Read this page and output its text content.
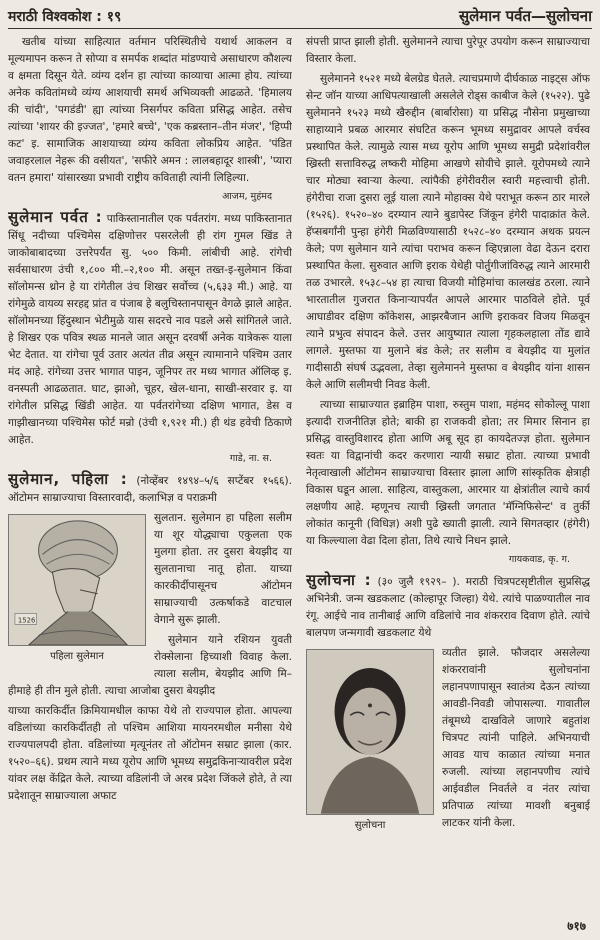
मराठी विश्वकोश : १९	सुलेमान पर्वत—सुलोचना

खतीब यांच्या साहित्यात वर्तमान परिस्थितीचे यथार्थ आकलन व मूल्यमापन करून ते सोप्या व समर्पक शब्दांत मांडण्याचे असाधारण कौशल्य व क्षमता दिसून येते. व्यंग्य दर्शन हा त्यांच्या काव्याचा आत्मा होय. त्यांच्या अनेक कवितांमध्ये व्यंग्य आशयाची समर्थ अभिव्यक्ती आढळते. 'हिमालय की चांदी', 'पगडंडी' ह्या त्यांच्या निसर्गपर कविता प्रसिद्ध आहेत. तसेच त्यांच्या 'शायर की इज्जत', 'हमारे बच्चे', 'एक कब्रस्तान–तीन मंजर', 'हिप्पी कट' इ. सामाजिक आशयाच्या व्यंग्य कविता लोकप्रिय आहेत. 'पंडित जवाहरलाल नेहरू की वसीयत', 'सफीरे अमन : लालबहादूर शास्त्री', 'प्यारा वतन हमारा' यांसारख्या प्रभावी राष्ट्रीय कविताही त्यांनी लिहिल्या.

आजम, मुहंमद

सुलेमान पर्वत : पाकिस्तानातील एक पर्वतरांग. मध्य पाकिस्तानात सिंधू नदीच्या पश्चिमेस दक्षिणोत्तर पसरलेली ही रांग गुमल खिंड ते जाकोबाबादच्या उत्तरेपर्यंत सु. ५०० किमी. लांबीची आहे. रांगेची सर्वसाधारण उंची १,८०० मी.–२,१०० मी. असून तख्त-इ-सुलेमान किंवा सॉलोमन्स थ्रोन हे या रांगेतील उंच शिखर सर्वोच्च (५,६३३ मी.) आहे. या रांगेमुळे वायव्य सरहद्द प्रांत व पंजाब हे बलुचिस्तानपासून वेगळे झाले आहेत. सॉलोमनच्या हिंदुस्थान भेटीमुळे यास सदरचे नाव पडले असे सांगितले जाते. हे शिखर एक पवित्र स्थळ मानले जात असून दरवर्षी अनेक यात्रेकरू याला भेट देतात. या रांगेचा पूर्व उतार अत्यंत तीव्र असून त्यामानाने पश्चिम उतार मंद आहे. रांगेच्या उत्तर भागात पाइन, जूनिपर तर मध्य भागात ऑलिव्ह इ. वनस्पती आढळतात. घाट, झाओ, चूहर, खेल-धाना, साखी-सरवार इ. या रांगेतील प्रसिद्ध खिंडी आहेत. या पर्वतरांगेच्या दक्षिण भागात, डेस व गाझीखानच्या पश्चिमेस फोर्ट मन्रो (उंची १,९२१ मी.) ही थंड हवेची ठिकाणे आहेत.

गाडे, ना. स.

सुलेमान, पहिला : (नोव्हेंबर १४९४–५/६ सप्टेंबर १५६६). ऑटोमन साम्राज्याचा विस्तारवादी, कलाभिज्ञ व पराक्रमी

1526
पहिला सुलेमान

सुलतान. सुलेमान हा पहिला सलीम या शूर योद्ध्याचा एकुलता एक मुलगा होता. तर दुसरा बेयझीद या सुलतानाचा नातू होता. याच्या कारकीर्दीपासूनच ऑटोमन साम्राज्याची उत्कर्षाकडे वाटचाल वेगाने सुरू झाली.

सुलेमान याने रशियन युवती रोक्सेलाना हिच्याशी विवाह केला. त्याला सलीम, बेयझीद आणि मि–हीमाहे ही तीन मुले होती. त्याचा आजोबा दुसरा बेयझीद

याच्या कारकिर्दीत क्रिमियामधील काफा येथे तो राज्यपाल होता. आपल्या वडिलांच्या कारकिर्दीतही तो पश्चिम आशिया मायनरमधील मनीसा येथे राज्यपालपदी होता. वडिलांच्या मृत्यूनंतर तो ऑटोमन सम्राट झाला (कार. १५२०–६६). प्रथम त्याने मध्य यूरोप आणि भूमध्य समुद्रकिनाऱ्यावरील प्रदेश यांवर लक्ष केंद्रित केले. त्याच्या वडिलांनी जे अरब प्रदेश जिंकले होते, ते त्या प्रदेशातून साम्राज्याला अफाट

संपत्ती प्राप्त झाली होती. सुलेमानने त्याचा पुरेपूर उपयोग करून साम्राज्याचा विस्तार केला.

सुलेमानने १५२१ मध्ये बेलग्रेड घेतले. त्याचप्रमाणे दीर्घकाळ नाइट्स ऑफ सेन्ट जॉन याच्या आधिपत्याखाली असलेले रोड्स काबीज केले (१५२२). पुढे सुलेमानने १५२३ मध्ये खैरुद्दीन (बार्बारोसा) या प्रसिद्ध नौसेना प्रमुखाच्या साहाय्याने प्रबळ आरमार संघटित करून भूमध्य समुद्रावर आपले वर्चस्व प्रस्थापित केले. त्यामुळे त्यास मध्य यूरोप आणि भूमध्य समुद्री प्रदेशांवरील ख्रिस्ती सत्ताविरुद्ध लष्करी मोहिमा आखणे सोयीचे झाले. यूरोपमध्ये त्याने चार मोठ्या स्वाऱ्या केल्या. त्यांपैकी हंगेरीवरील स्वारी महत्त्वाची होती. हंगेरीचा राजा दुसरा लूई याला त्याने मोहाक्स येथे पराभूत करून ठार मारले (१५२६). १५२०–४० दरम्यान त्याने बुडापेस्ट जिंकून हंगेरी पादाक्रांत केले. हॅप्सबर्गांनी पुन्हा हंगेरी मिळविण्यासाठी १५२८–४० दरम्यान अथक प्रयत्न केले; पण सुलेमान याने त्यांचा पराभव करून व्हिएन्नाला वेढा देऊन दरारा प्रस्थापित केला. सुरुवात आणि इराक येथेही पोर्तुगीजांविरुद्ध त्याने आरमारी तळ उभारले. १५३८–५४ हा त्याचा विजयी मोहिमांचा कालखंड ठरला. त्याने भारतातील गुजरात किनाऱ्यापर्यंत आपले आरमार पाठविले होते. पूर्व आघाडीवर दक्षिण कॉकेशस, आझरबैजान आणि इराकवर विजय मिळवून त्याने प्रभुत्व संपादन केले. उत्तर आयुष्यात त्याला गृहकलहाला तोंड द्यावे लागले. मुस्तफा या मुलाने बंड केले; तर सलीम व बेयझीद या मुलांत गादीसाठी संघर्ष उद्भवला, तेव्हा सुलेमानने मुस्तफा व बेयझीद यांना शासन केले आणि सलीमची निवड केली.

त्याच्या साम्राज्यात इब्राहिम पाशा, रुस्तुम पाशा, महंमद सोकोल्लू पाशा इत्यादी राजनीतिज्ञ होते; बाकी हा राजकवी होता; तर मिमार सिनान हा प्रसिद्ध वास्तुविशारद होता आणि अबू सूद हा कायदेतज्ज्ञ होता. सुलेमान स्वतः या विद्वानांची कदर करणारा न्यायी सम्राट होता. त्याच्या प्रभावी नेतृत्वाखाली ऑटोमन साम्राज्याचा विस्तार झाला आणि सांस्कृतिक क्षेत्राही विकास घडून आला. साहित्य, वास्तुकला, आरमार या क्षेत्रांतील त्याचे कार्य लक्षणीय आहे. म्हणूनच त्याची ख्रिस्ती जगतात 'मॅग्निफिसेन्ट' व तुर्की लोकांत कानूनी (विधिज्ञ) अशी पुढे ख्याती झाली. त्याने सिगतव्हार (हंगेरी) या किल्ल्याला वेढा दिला होता, तिथे त्याचे निधन झाले.

गायकवाड, कृ. ग.

सुलोचना : (३० जुलै १९२९– ). मराठी चित्रपटसृष्टीतील सुप्रसिद्ध अभिनेत्री. जन्म खडकलाट (कोल्हापूर जिल्हा) येथे. त्यांचे पाळण्यातील नाव रंगू. आईचे नाव तानीबाई आणि वडिलांचे नाव शंकरराव दिवाण होते. त्यांचे बालपण जन्मगावी खडकलाट येथे

सुलोचना

व्यतीत झाले. फौजदार असलेल्या शंकररावांनी सुलोचनांना लहानपणापासून स्वातंत्र्य देऊन त्यांच्या आवडी-निवडी जोपासल्या. गावातील तंबूमध्ये दाखविले जाणारे बहुतांश चित्रपट त्यांनी पाहिले. अभिनयाची आवड याच काळात त्यांच्या मनात रुजली. त्यांच्या लहानपणीच त्यांचे आईवडील निवर्तले व नंतर त्यांचा प्रतिपाळ त्यांच्या मावशी बनुबाई लाटकर यांनी केला.

७१७
